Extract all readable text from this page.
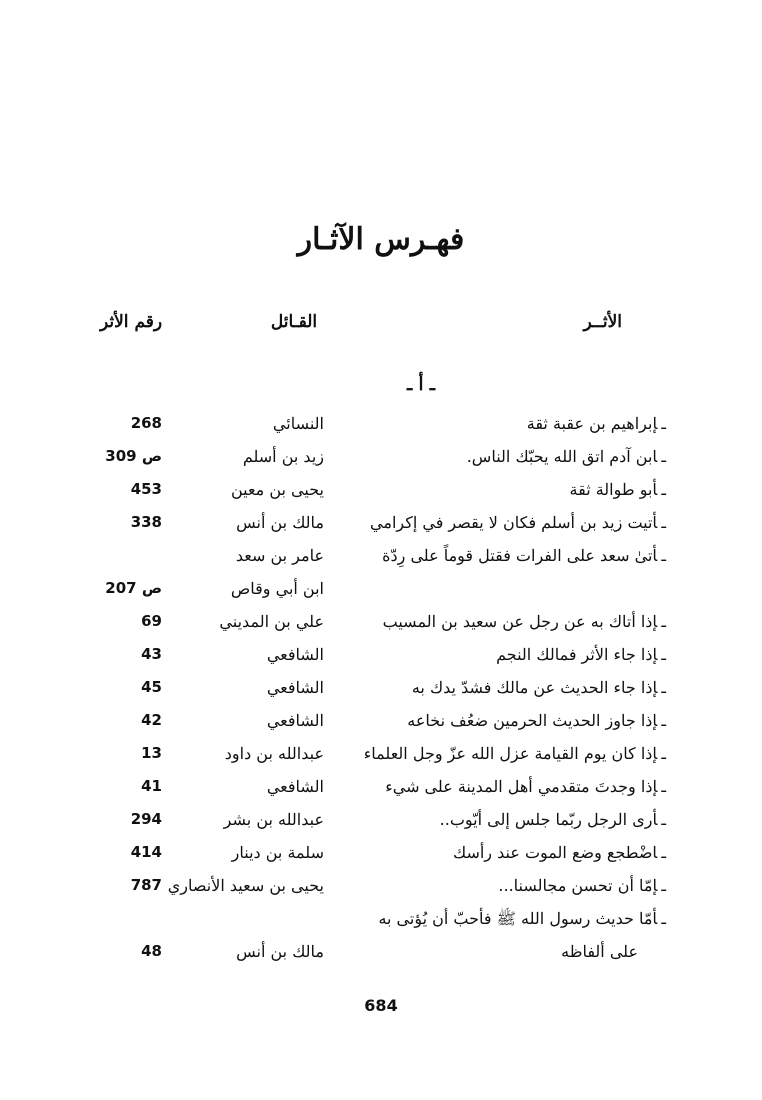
فهـرس الآثـار
الأثــر
القـائل
رقم الأثر
ـ أ ـ
ـإبراهيم بن عقبة ثقة
النسائي
268
ـابن آدم اتق الله يحبّك الناس.
زيد بن أسلم
ص 309
ـأبو طوالة ثقة
يحيى بن معين
453
ـأتيت زيد بن أسلم فكان لا يقصر في إكرامي
مالك بن أنس
338
ـأتىٰ سعد على الفرات فقتل قوماً على رِدّة
عامر بن سعد
ابن أبي وقاص
ص 207
ـإذا أتاك به عن رجل عن سعيد بن المسيب
علي بن المديني
69
ـإذا جاء الأثر فمالك النجم
الشافعي
43
ـإذا جاء الحديث عن مالك فشدّ يدك به
الشافعي
45
ـإذا جاوز الحديث الحرمين ضعُف نخاعه
الشافعي
42
ـإذا كان يوم القيامة عزل الله عزّ وجل العلماء
عبدالله بن داود
13
ـإذا وجدتَ متقدمي أهل المدينة على شيء
الشافعي
41
ـأرى الرجل ربّما جلس إلى أيّوب..
عبدالله بن بشر
294
ـاضْطجع وضع الموت عند رأسك
سلمة بن دينار
414
ـإمّا أن تحسن مجالسنا...
يحيى بن سعيد الأنصاري
787
ـأمّا حديث رسول الله ﷺ فأحبّ أن يُؤتى به
على ألفاظه
مالك بن أنس
48
684
